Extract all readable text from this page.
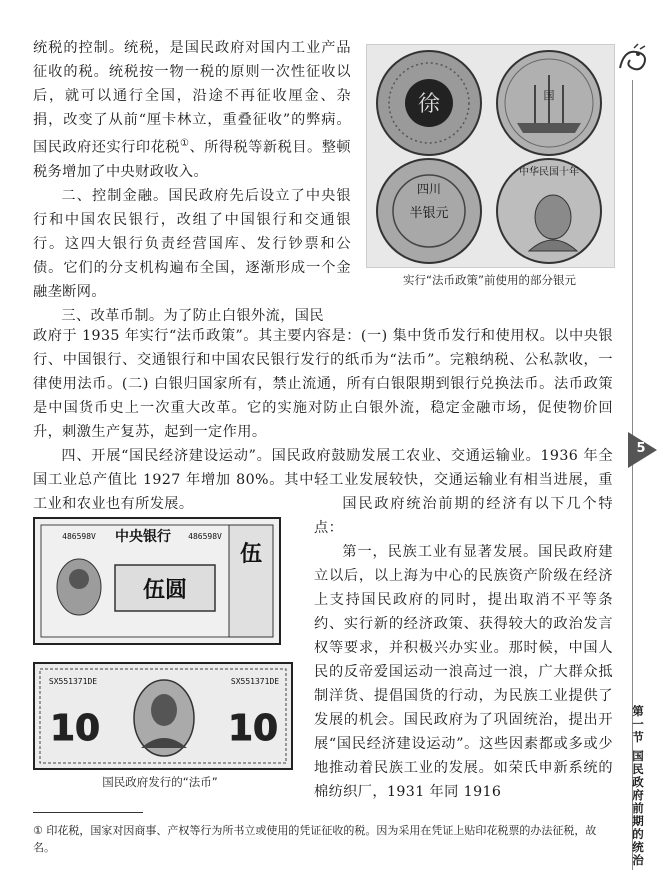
统税的控制。统税，是国民政府对国内工业产品征收的税。统税按一物一税的原则一次性征收以后，就可以通行全国，沿途不再征收厘金、杂捐，改变了从前“厘卡林立，重叠征收”的弊病。国民政府还实行印花税①、所得税等新税目。整顿税务增加了中央财政收入。

二、控制金融。国民政府先后设立了中央银行和中国农民银行，改组了中国银行和交通银行。这四大银行负责经营国库、发行钞票和公债。它们的分支机构遍布全国，逐渐形成一个金融垄断网。

三、改革币制。为了防止白银外流，国民

政府于 1935 年实行“法币政策”。其主要内容是：(一) 集中货币发行和使用权。以中央银行、中国银行、交通银行和中国农民银行发行的纸币为“法币”。完粮纳税、公私款收，一律使用法币。(二) 白银归国家所有，禁止流通，所有白银限期到银行兑换法币。法币政策是中国货币史上一次重大改革。它的实施对防止白银外流，稳定金融市场，促使物价回升，刺激生产复苏，起到一定作用。

四、开展“国民经济建设运动”。国民政府鼓励发展工农业、交通运输业。1936 年全国工业总产值比 1927 年增加 80%。其中轻工业发展较快，交通运输业有相当进展，重工业和农业也有所发展。	国民政府统治前期的经济有以下几个特点：

第一，民族工业有显著发展。国民政府建立以后，以上海为中心的民族资产阶级在经济上支持国民政府的同时，提出取消不平等条约、实行新的经济政策、获得较大的政治发言权等要求，并积极兴办实业。那时候，中国人民的反帝爱国运动一浪高过一浪，广大群众抵制洋货、提倡国货的行动，为民族工业提供了发展的机会。国民政府为了巩固统治，提出开展“国民经济建设运动”。这些因素都或多或少地推动着民族工业的发展。如荣氏申新系统的棉纺织厂，1931 年同 1916

徐	国
四川
半银元
中华民国十年
实行“法币政策”前使用的部分银元
中央银行
486598V	486598V
伍圆
伍
SX551371DE	SX551371DE
10	10
国民政府发行的“法币”
① 印花税，国家对因商事、产权等行为所书立或使用的凭证征收的税。因为采用在凭证上贴印花税票的办法征税，故名。
5
第一节
国民政府前期的统治
